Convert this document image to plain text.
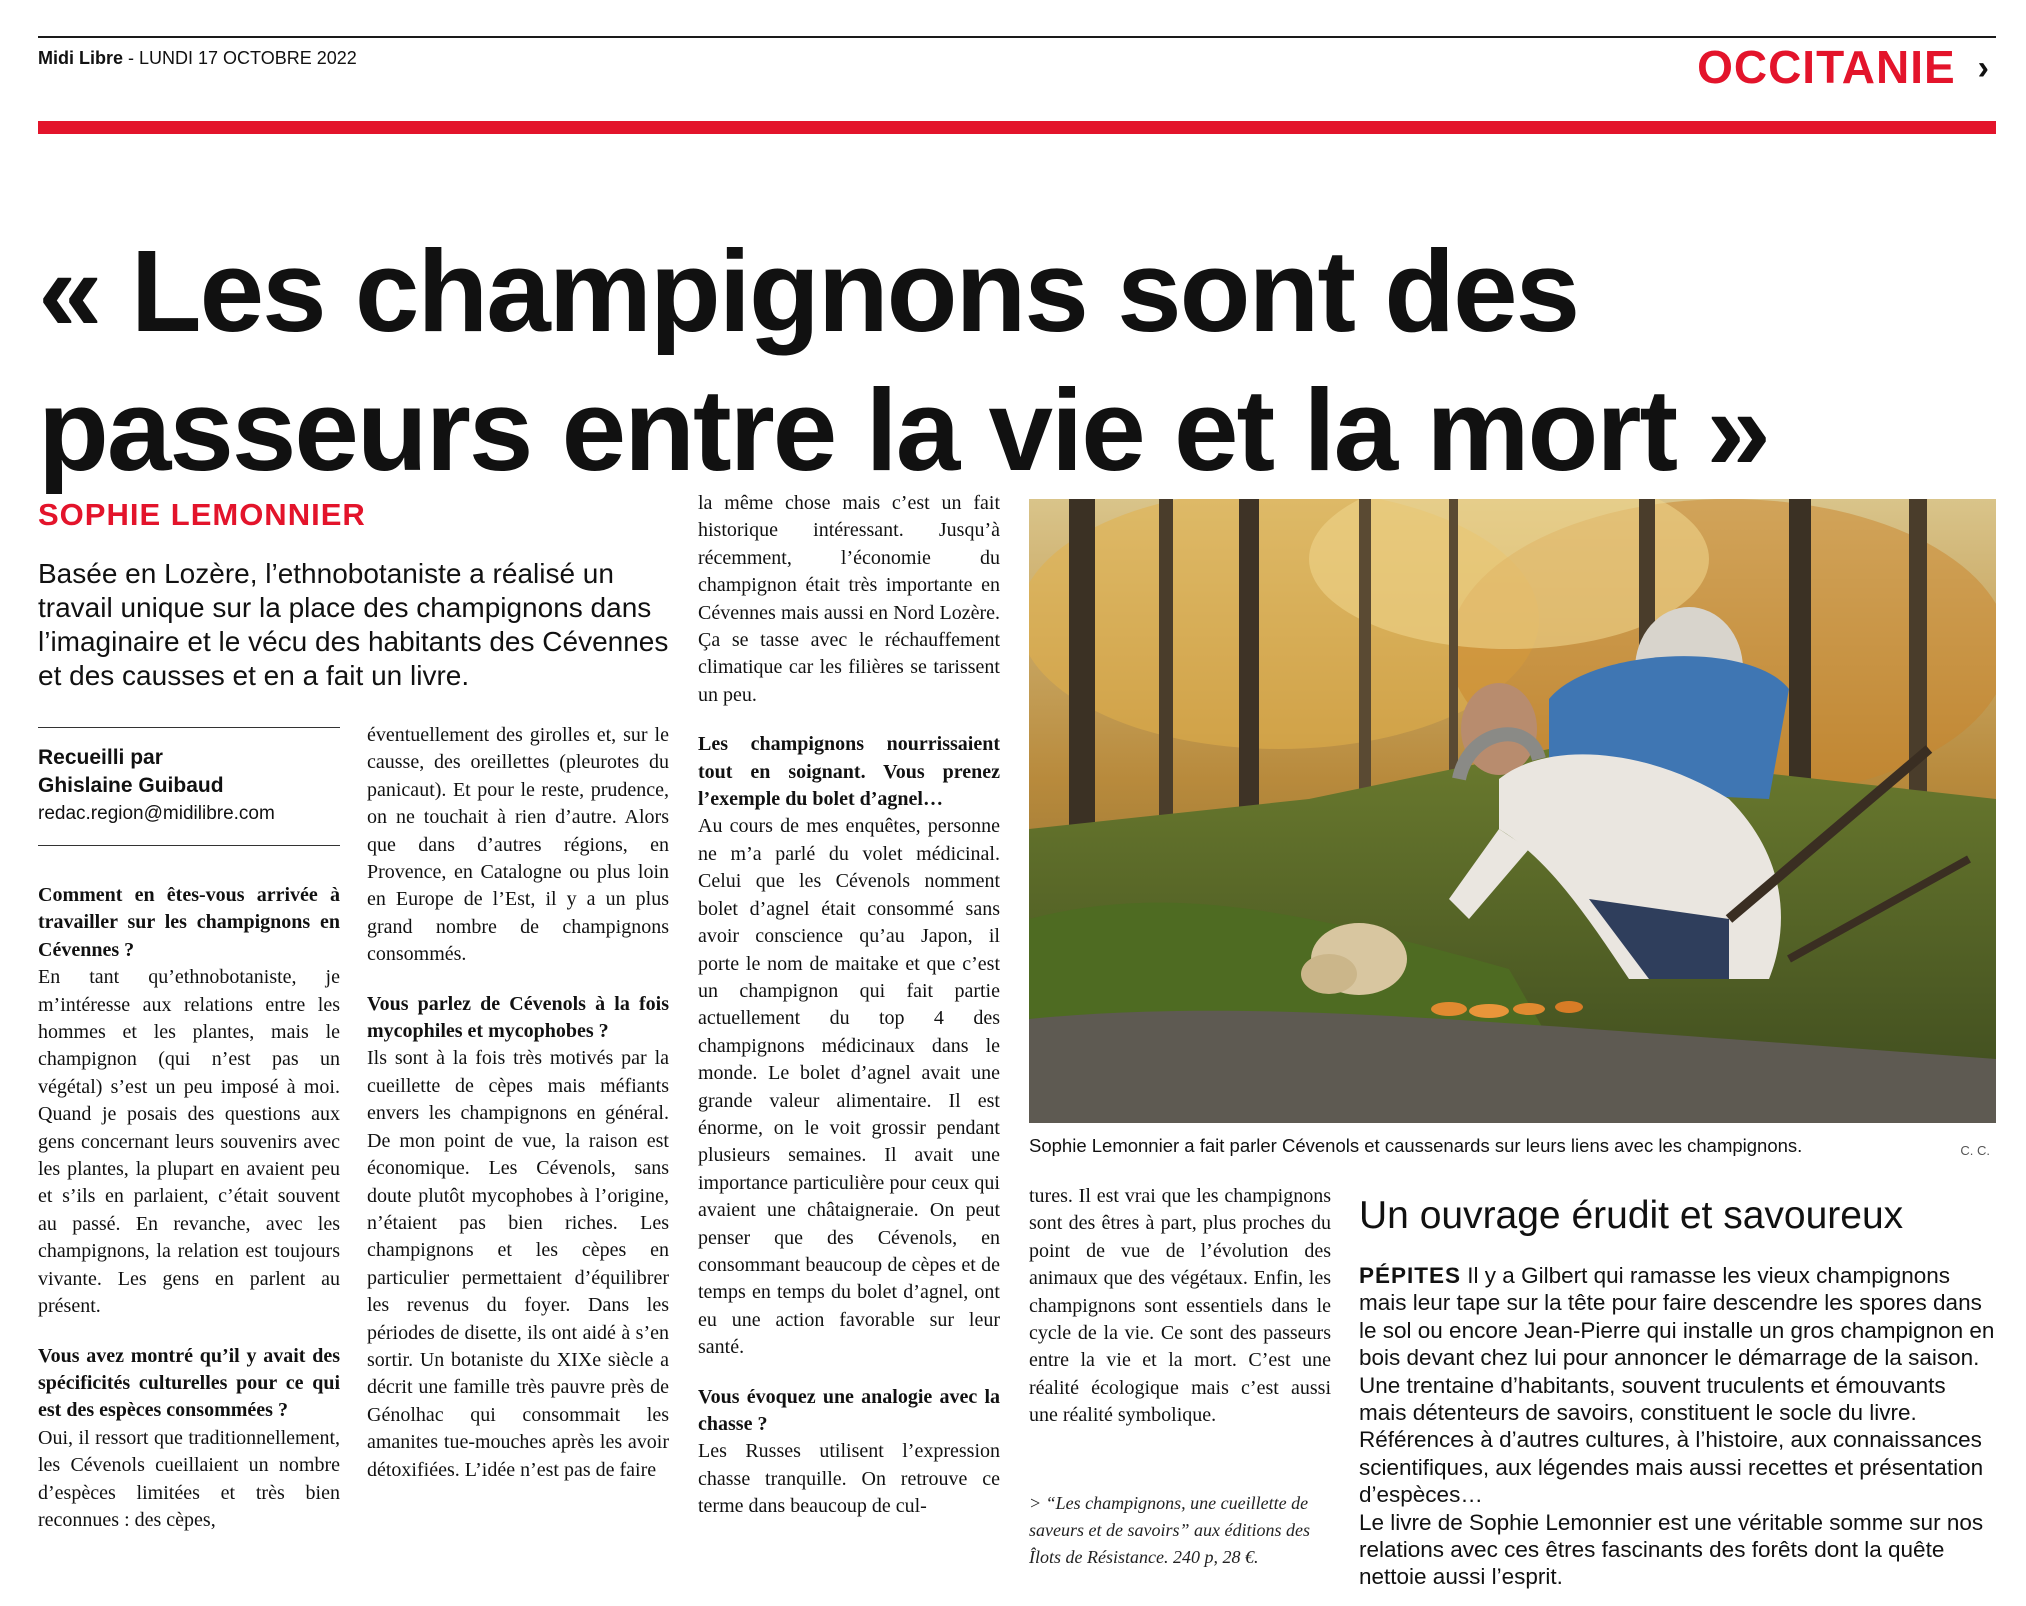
Midi Libre - LUNDI 17 OCTOBRE 2022	OCCITANIE ›
« Les champignons sont des
passeurs entre la vie et la mort »
SOPHIE LEMONNIER
Basée en Lozère, l’ethnobotaniste a réalisé un travail unique sur la place des champignons dans l’imaginaire et le vécu des habitants des Cévennes et des causses et en a fait un livre.
Recueilli par
Ghislaine Guibaud
redac.region@midilibre.com

Comment en êtes-vous arrivée à travailler sur les champignons en Cévennes ?

En tant qu’ethnobotaniste, je m’intéresse aux relations entre les hommes et les plantes, mais le champignon (qui n’est pas un végétal) s’est un peu imposé à moi. Quand je posais des questions aux gens concernant leurs souvenirs avec les plantes, la plupart en avaient peu et s’ils en parlaient, c’était souvent au passé. En revanche, avec les champignons, la relation est toujours vivante. Les gens en parlent au présent.

Vous avez montré qu’il y avait des spécificités culturelles pour ce qui est des espèces consommées ?

Oui, il ressort que traditionnellement, les Cévenols cueillaient un nombre d’espèces limitées et très bien reconnues : des cèpes,

éventuellement des girolles et, sur le causse, des oreillettes (pleurotes du panicaut). Et pour le reste, prudence, on ne touchait à rien d’autre. Alors que dans d’autres régions, en Provence, en Catalogne ou plus loin en Europe de l’Est, il y a un plus grand nombre de champignons consommés.

Vous parlez de Cévenols à la fois mycophiles et mycophobes ?

Ils sont à la fois très motivés par la cueillette de cèpes mais méfiants envers les champignons en général. De mon point de vue, la raison est économique. Les Cévenols, sans doute plutôt mycophobes à l’origine, n’étaient pas bien riches. Les champignons et les cèpes en particulier permettaient d’équilibrer les revenus du foyer. Dans les périodes de disette, ils ont aidé à s’en sortir. Un botaniste du XIXe siècle a décrit une famille très pauvre près de Génolhac qui consommait les amanites tue-mouches après les avoir détoxifiées. L’idée n’est pas de faire

la même chose mais c’est un fait historique intéressant. Jusqu’à récemment, l’économie du champignon était très importante en Cévennes mais aussi en Nord Lozère. Ça se tasse avec le réchauffement climatique car les filières se tarissent un peu.

Les champignons nourrissaient tout en soignant. Vous prenez l’exemple du bolet d’agnel…

Au cours de mes enquêtes, personne ne m’a parlé du volet médicinal. Celui que les Cévenols nomment bolet d’agnel était consommé sans avoir conscience qu’au Japon, il porte le nom de maitake et que c’est un champignon qui fait partie actuellement du top 4 des champignons médicinaux dans le monde. Le bolet d’agnel avait une grande valeur alimentaire. Il est énorme, on le voit grossir pendant plusieurs semaines. Il avait une importance particulière pour ceux qui avaient une châtaigneraie. On peut penser que des Cévenols, en consommant beaucoup de cèpes et de temps en temps du bolet d’agnel, ont eu une action favorable sur leur santé.

Vous évoquez une analogie avec la chasse ?

Les Russes utilisent l’expression chasse tranquille. On retrouve ce terme dans beaucoup de cul-

Sophie Lemonnier a fait parler Cévenols et caussenards sur leurs liens avec les champignons.	C. C.

tures. Il est vrai que les champignons sont des êtres à part, plus proches du point de vue de l’évolution des animaux que des végétaux. Enfin, les champignons sont essentiels dans le cycle de la vie. Ce sont des passeurs entre la vie et la mort. C’est une réalité écologique mais c’est aussi une réalité symbolique.

> “Les champignons, une cueillette de saveurs et de savoirs” aux éditions des Îlots de Résistance. 240 p, 28 €.
Un ouvrage érudit et savoureux
PÉPITES Il y a Gilbert qui ramasse les vieux champignons mais leur tape sur la tête pour faire descendre les spores dans le sol ou encore Jean-Pierre qui installe un gros champignon en bois devant chez lui pour annoncer le démarrage de la saison. Une trentaine d’habitants, souvent truculents et émouvants mais détenteurs de savoirs, constituent le socle du livre. Références à d’autres cultures, à l’histoire, aux connaissances scientifiques, aux légendes mais aussi recettes et présentation d’espèces…
Le livre de Sophie Lemonnier est une véritable somme sur nos relations avec ces êtres fascinants des forêts dont la quête nettoie aussi l’esprit.
